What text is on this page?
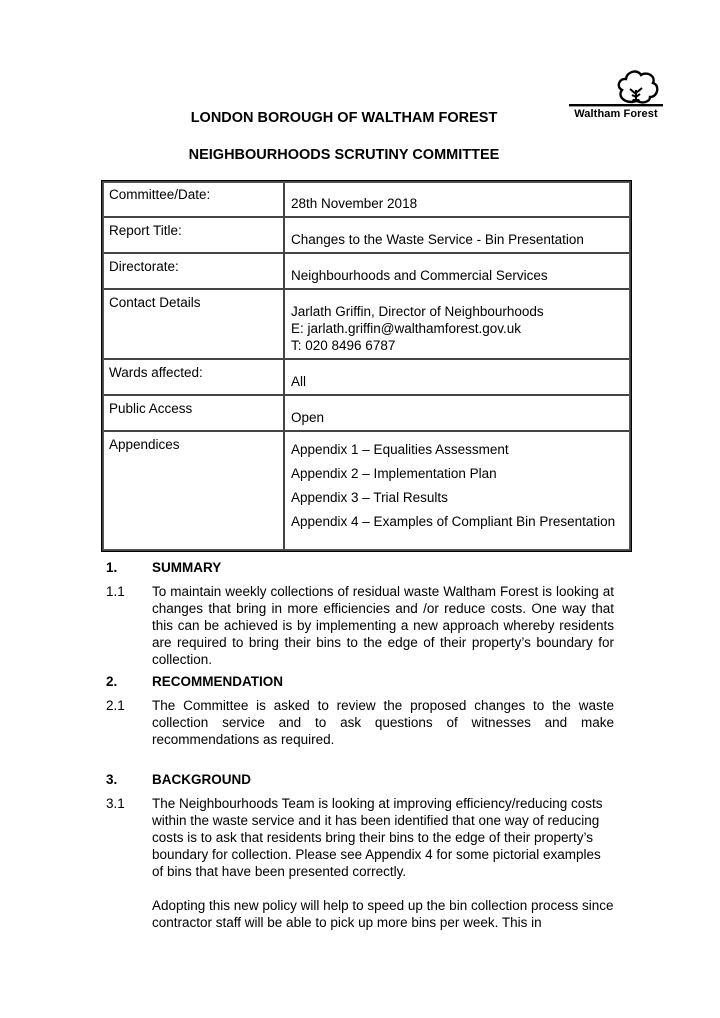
Waltham Forest
LONDON BOROUGH OF WALTHAM FOREST
NEIGHBOURHOODS SCRUTINY COMMITTEE
Committee/Date:	28th November 2018

Report Title:	Changes to the Waste Service - Bin Presentation

Directorate:	Neighbourhoods and Commercial Services

Contact Details	Jarlath Griffin, Director of Neighbourhoods
E: jarlath.griffin@walthamforest.gov.uk
T: 020 8496 6787

Wards affected:	All

Public Access	Open

Appendices	Appendix 1 – Equalities Assessment
Appendix 2 – Implementation Plan
Appendix 3 – Trial Results
Appendix 4 – Examples of Compliant Bin Presentation
1.	SUMMARY
1.1 To maintain weekly collections of residual waste Waltham Forest is looking at changes that bring in more efficiencies and /or reduce costs. One way that this can be achieved is by implementing a new approach whereby residents are required to bring their bins to the edge of their property’s boundary for collection.
2.	RECOMMENDATION
2.1 The Committee is asked to review the proposed changes to the waste collection service and to ask questions of witnesses and make recommendations as required.
3.	BACKGROUND
3.1 The Neighbourhoods Team is looking at improving efficiency/reducing costs within the waste service and it has been identified that one way of reducing costs is to ask that residents bring their bins to the edge of their property’s boundary for collection. Please see Appendix 4 for some pictorial examples of bins that have been presented correctly.
Adopting this new policy will help to speed up the bin collection process since contractor staff will be able to pick up more bins per week. This in
